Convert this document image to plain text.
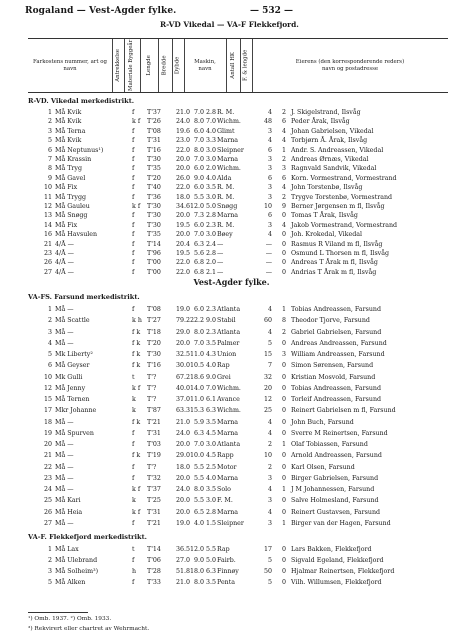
Rogaland — Vest-Agder fylke.	— 532 —
R-VD Vikedal — VA-F Flekkefjord.
Farkostens nummer, art og navn	Antrekkelse Materiale Byggeår Lengde Bredde Dybde	Maskin, navn	Antall HK F. & lengde	Eierens (den korresponderende reders) navn og postadresse
R-VD. Vikedal merkedistrikt.
1 Må Kvik	f T'37	21.0 7.0 2.8 R. M.	4	2 J. Skigelstrand, Ilsvåg
2 Må Kvik	k f T'26	24.0 8.0 7.0 Wichm.	48	6 Peder Årak, Ilsvåg
3 Må Terna	f T'08	19.6 6.0 4.0 Glimt	3	4 Johan Gabrielsen, Vikedal
5 Må Kvik	f T'31	23.0 7.0 3.3 Marna	4	4 Torbjørn Å. Årak, Ilsvåg
6 Må Neptunus¹)	f T'16	22.0 8.0 3.0 Sleipner	6	1 Andr. S. Andreassen, Vikedal
7 Må Krassin	f T'30	20.0 7.0 3.0 Marna	3	2 Andreas Ørnæs, Vikedal
8 Må Tryg	f T'35	20.0 6.0 2.0 Wichm.	3	3 Ragnvald Sandvik, Vikedal
9 Må Gavel	f T'20	26.0 9.0 4.0 Alda	6	6 Korn. Vormestrand, Vormestrand
10 Må Fix	f T'40	22.0 6.0 3.5 R. M.	3	4 John Torstenbø, Ilsvåg
11 Må Trygg	f T'36	18.0 5.5 3.0 R. M.	3	2 Trygve Torstenbø, Vormestrand
12 Må Gauleu	k f T'30	34.6 12.0 5.0 Snøgg	10	9 Berner Jørgensen m fl, Ilsvåg
13 Må Snøgg	f T'30	20.0 7.3 2.8 Marna	6	0 Tomas T Årak, Ilsvåg
14 Må Fix	f T'30	19.5 6.0 2.3 R. M.	3	4 Jakob Vormestrand, Vormestrand
16 Må Havsulen	f T'35	20.0 7.0 3.0 Bøey	4	0 Joh. Krokedal, Vikedal
21 4/Å —	f T'14	20.4 6.3 2.4 —	—	0 Rasmus R Viland m fl, Ilsvåg
23 4/Å —	f T'96	19.5 5.6 2.8 —	—	0 Osmund L Thorsen m fl, Ilsvåg
26 4/Å —	f T'00	22.0 6.8 2.0 —	—	0 Andreas T Årak m fl, Ilsvåg
27 4/Å —	f T'00	22.0 6.8 2.1 —	—	0 Andrias T Årak m fl, Ilsvåg
Vest-Agder fylke.
VA-FS. Farsund merkedistrikt.
1 Må —	f T'08	19.0 6.0 2.3 Atlanta	4	1 Tobias Andreassen, Farsund
2 Må Scattle	k h T'27	79.2 22.2 9.0 Stabil	60	8 Theodor Tjorve, Farsund
3 Må —	f k T'18	29.0 8.0 2.3 Atlanta	4	2 Gabriel Gabrielsen, Farsund
4 Må —	f k T'20	20.0 7.0 3.5 Palmer	5	0 Andreas Andreassen, Farsund
5 Mk Liberty²	f k T'30	32.5 11.0 4.3 Union	15	3 William Andreassen, Farsund
6 Må Geyser	f k T'16	30.0 10.5 4.0 Rap	7	0 Simon Sørensen, Farsund
10 Mk Gulli	t T'?	67.2 18.6 9.0 Grei	32	0 Kristian Mosvold, Farsund
12 Må Jenny	k f T'?	40.0 14.0 7.0 Wichm.	20	0 Tobias Andreassen, Farsund
15 Må Ternen	k T'?	37.0 11.0 6.1 Avance	12	0 Torleif Andreassen, Farsund
17 Mkr Johanne	k T'87	63.3 15.3 6.3 Wichm.	25	0 Reinert Gabrielsen m fl, Farsund
18 Må —	f k T'21	21.0 5.9 3.5 Marna	4	0 John Buch, Farsund
19 Må Spurven	f T'31	24.0 6.3 4.5 Marna	4	0 Sverre M Reinertsen, Farsund
20 Må —	f T'03	20.0 7.0 3.0 Atlanta	2	1 Olaf Tobiassen, Farsund
21 Må —	f k T'19	29.0 10.0 4.5 Rapp	10	0 Arnold Andreassen, Farsund
22 Må —	f T'?	18.0 5.5 2.5 Motor	2	0 Karl Olsen, Farsund
23 Må —	f T'32	20.0 5.5 4.0 Marna	3	0 Birger Gabrielsen, Farsund
24 Må —	k f T'37	24.0 8.0 3.5 Solo	4	1 J M Johannessen, Farsund
25 Må Kari	k T'25	20.0 5.5 3.0 F. M.	3	0 Salve Holmesland, Farsund
26 Må Heia	k f T'31	20.0 6.5 2.8 Marna	4	0 Reinert Gustavsen, Farsund
27 Må —	f T'21	19.0 4.0 1.5 Sleipner	3	1 Birger van der Hagen, Farsund
VA-F. Flekkefjord merkedistrikt.
1 Må Lax	t T'14	36.5 12.0 5.5 Rap	17	0 Lars Bakken, Flekkefjord
2 Må Ulebrand	f T'06	27.0 9.0 5.0 Fairb.	5	0 Sigvald Egeland, Flekkefjord
3 Må Solheim³)	h T'28	51.8 18.0 6.3 Finnøy	50	0 Hjalmar Reinertsen, Flekkefjord
5 Må Alken	f T'33	21.0 8.0 3.5 Penta	5	0 Vilh. Willumsen, Flekkefjord
¹) Omb. 1937. ²) Omb. 1933.
³) Rekvirert eller chartret av Wehrmacht.
